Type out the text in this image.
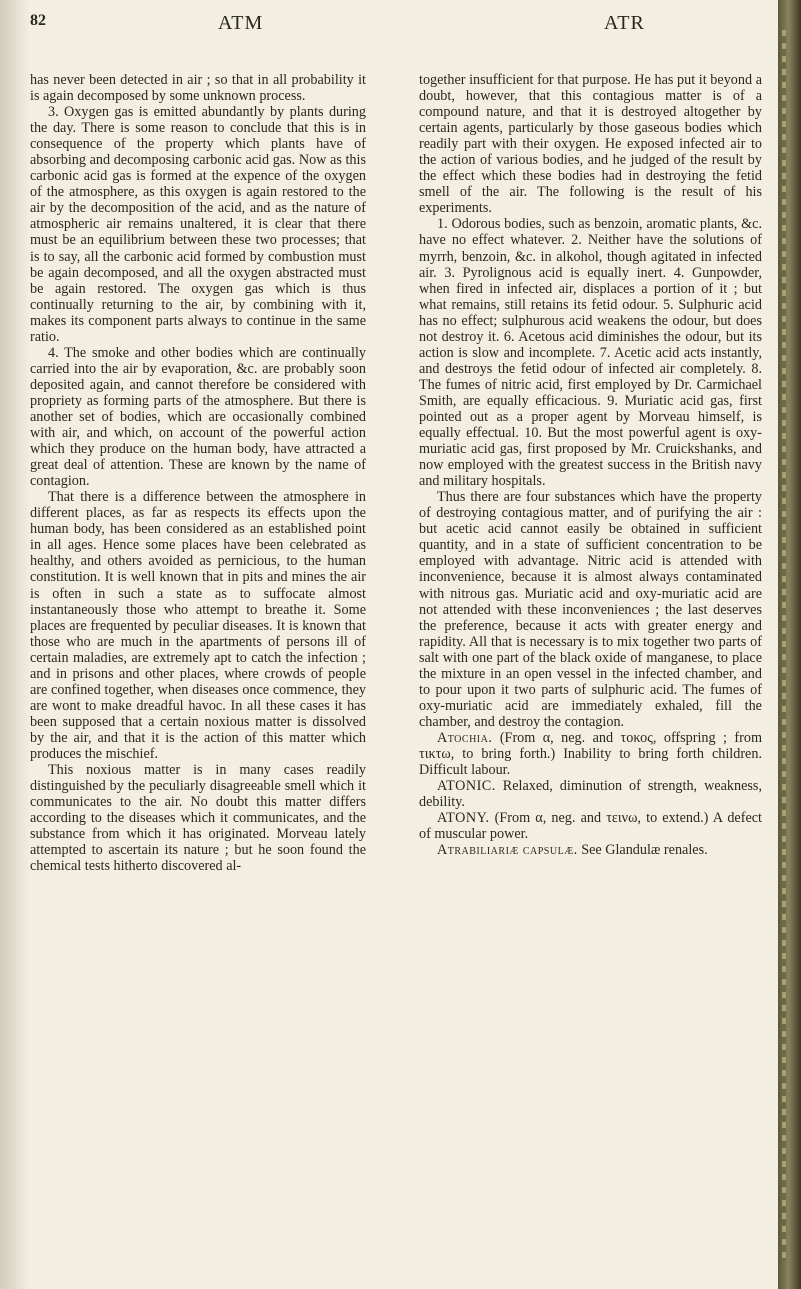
82	ATM	ATR

has never been detected in air ; so that in all probability it is again decomposed by some unknown process.

3. Oxygen gas is emitted abundantly by plants during the day. There is some reason to conclude that this is in consequence of the property which plants have of absorbing and decomposing carbonic acid gas. Now as this carbonic acid gas is formed at the expence of the oxygen of the atmosphere, as this oxygen is again restored to the air by the decomposition of the acid, and as the nature of atmospheric air remains unaltered, it is clear that there must be an equilibrium between these two processes; that is to say, all the carbonic acid formed by combustion must be again decomposed, and all the oxygen abstracted must be again restored. The oxygen gas which is thus continually returning to the air, by combining with it, makes its component parts always to continue in the same ratio.

4. The smoke and other bodies which are continually carried into the air by evaporation, &c. are probably soon deposited again, and cannot therefore be considered with propriety as forming parts of the atmosphere. But there is another set of bodies, which are occasionally combined with air, and which, on account of the powerful action which they produce on the human body, have attracted a great deal of attention. These are known by the name of contagion.

That there is a difference between the atmosphere in different places, as far as respects its effects upon the human body, has been considered as an established point in all ages. Hence some places have been celebrated as healthy, and others avoided as pernicious, to the human constitution. It is well known that in pits and mines the air is often in such a state as to suffocate almost instantaneously those who attempt to breathe it. Some places are frequented by peculiar diseases. It is known that those who are much in the apartments of persons ill of certain maladies, are extremely apt to catch the infection ; and in prisons and other places, where crowds of people are confined together, when diseases once commence, they are wont to make dreadful havoc. In all these cases it has been supposed that a certain noxious matter is dissolved by the air, and that it is the action of this matter which produces the mischief.

This noxious matter is in many cases readily distinguished by the peculiarly disagreeable smell which it communicates to the air. No doubt this matter differs according to the diseases which it communicates, and the substance from which it has originated. Morveau lately attempted to ascertain its nature ; but he soon found the chemical tests hitherto discovered al-

together insufficient for that purpose. He has put it beyond a doubt, however, that this contagious matter is of a compound nature, and that it is destroyed altogether by certain agents, particularly by those gaseous bodies which readily part with their oxygen. He exposed infected air to the action of various bodies, and he judged of the result by the effect which these bodies had in destroying the fetid smell of the air. The following is the result of his experiments.

1. Odorous bodies, such as benzoin, aromatic plants, &c. have no effect whatever. 2. Neither have the solutions of myrrh, benzoin, &c. in alkohol, though agitated in infected air. 3. Pyrolignous acid is equally inert. 4. Gunpowder, when fired in infected air, displaces a portion of it ; but what remains, still retains its fetid odour. 5. Sulphuric acid has no effect; sulphurous acid weakens the odour, but does not destroy it. 6. Acetous acid diminishes the odour, but its action is slow and incomplete. 7. Acetic acid acts instantly, and destroys the fetid odour of infected air completely. 8. The fumes of nitric acid, first employed by Dr. Carmichael Smith, are equally efficacious. 9. Muriatic acid gas, first pointed out as a proper agent by Morveau himself, is equally effectual. 10. But the most powerful agent is oxy-muriatic acid gas, first proposed by Mr. Cruickshanks, and now employed with the greatest success in the British navy and military hospitals.

Thus there are four substances which have the property of destroying contagious matter, and of purifying the air : but acetic acid cannot easily be obtained in sufficient quantity, and in a state of sufficient concentration to be employed with advantage. Nitric acid is attended with inconvenience, because it is almost always contaminated with nitrous gas. Muriatic acid and oxy-muriatic acid are not attended with these inconveniences ; the last deserves the preference, because it acts with greater energy and rapidity. All that is necessary is to mix together two parts of salt with one part of the black oxide of manganese, to place the mixture in an open vessel in the infected chamber, and to pour upon it two parts of sulphuric acid. The fumes of oxy-muriatic acid are immediately exhaled, fill the chamber, and destroy the contagion.

Atochia. (From α, neg. and τοκος, offspring ; from τικτω, to bring forth.) Inability to bring forth children. Difficult labour.

ATONIC. Relaxed, diminution of strength, weakness, debility.

ATONY. (From α, neg. and τεινω, to extend.) A defect of muscular power.

Atrabiliariæ capsulæ. See Glandulæ renales.
